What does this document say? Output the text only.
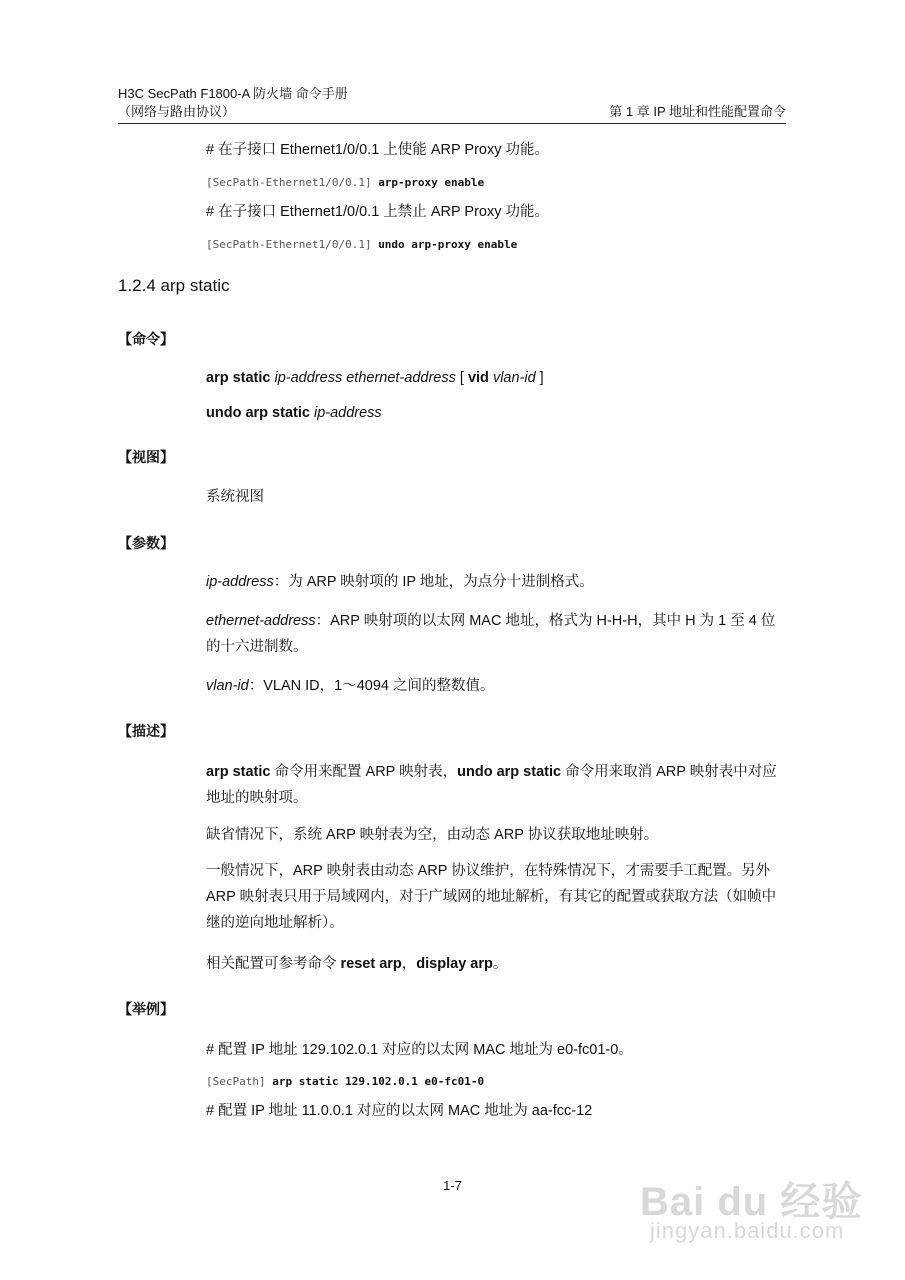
H3C SecPath F1800-A 防火墙 命令手册
（网络与路由协议）	第 1 章 IP 地址和性能配置命令
# 在子接口 Ethernet1/0/0.1 上使能 ARP Proxy 功能。
[SecPath-Ethernet1/0/0.1] arp-proxy enable
# 在子接口 Ethernet1/0/0.1 上禁止 ARP Proxy 功能。
[SecPath-Ethernet1/0/0.1] undo arp-proxy enable
1.2.4 arp static
【命令】
arp static ip-address ethernet-address [ vid vlan-id ]
undo arp static ip-address
【视图】
系统视图
【参数】
ip-address：为 ARP 映射项的 IP 地址，为点分十进制格式。
ethernet-address：ARP 映射项的以太网 MAC 地址，格式为 H-H-H，其中 H 为 1 至 4 位的十六进制数。
vlan-id：VLAN ID，1～4094 之间的整数值。
【描述】
arp static 命令用来配置 ARP 映射表，undo arp static 命令用来取消 ARP 映射表中对应地址的映射项。
缺省情况下，系统 ARP 映射表为空，由动态 ARP 协议获取地址映射。
一般情况下，ARP 映射表由动态 ARP 协议维护，在特殊情况下，才需要手工配置。另外 ARP 映射表只用于局域网内，对于广域网的地址解析，有其它的配置或获取方法（如帧中继的逆向地址解析）。
相关配置可参考命令 reset arp，display arp。
【举例】
# 配置 IP 地址 129.102.0.1 对应的以太网 MAC 地址为 e0-fc01-0。
[SecPath] arp static 129.102.0.1 e0-fc01-0
# 配置 IP 地址 11.0.0.1 对应的以太网 MAC 地址为 aa-fcc-12
1-7	Bai du 经验
jingyan.baidu.com
